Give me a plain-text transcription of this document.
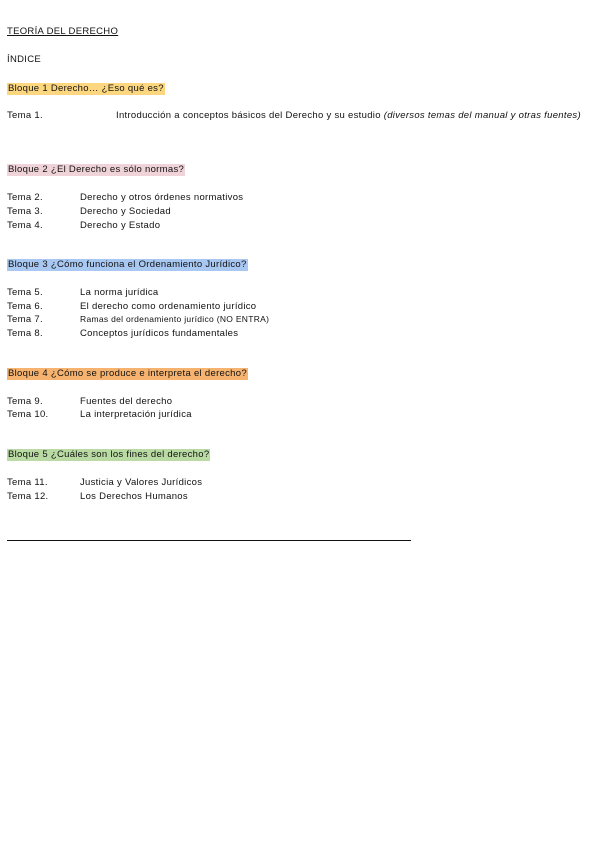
TEORÍA DEL DERECHO
ÍNDICE
Bloque 1 Derecho… ¿Eso qué es?
Tema 1.	Introducción a conceptos básicos del Derecho y su estudio (diversos temas del manual y otras fuentes)
Bloque 2 ¿El Derecho es sólo normas?
Tema 2.	Derecho y otros órdenes normativos
Tema 3.	Derecho y Sociedad
Tema 4.	Derecho y Estado
Bloque 3 ¿Cómo funciona el Ordenamiento Jurídico?
Tema 5.	La norma jurídica
Tema 6.	El derecho como ordenamiento jurídico
Tema 7.	Ramas del ordenamiento jurídico (NO ENTRA)
Tema 8.	Conceptos jurídicos fundamentales
Bloque 4 ¿Cómo se produce e interpreta el derecho?
Tema 9.	Fuentes del derecho
Tema 10.	La interpretación jurídica
Bloque 5 ¿Cuáles son los fines del derecho?
Tema 11.	Justicia y Valores Jurídicos
Tema 12.	Los Derechos Humanos
